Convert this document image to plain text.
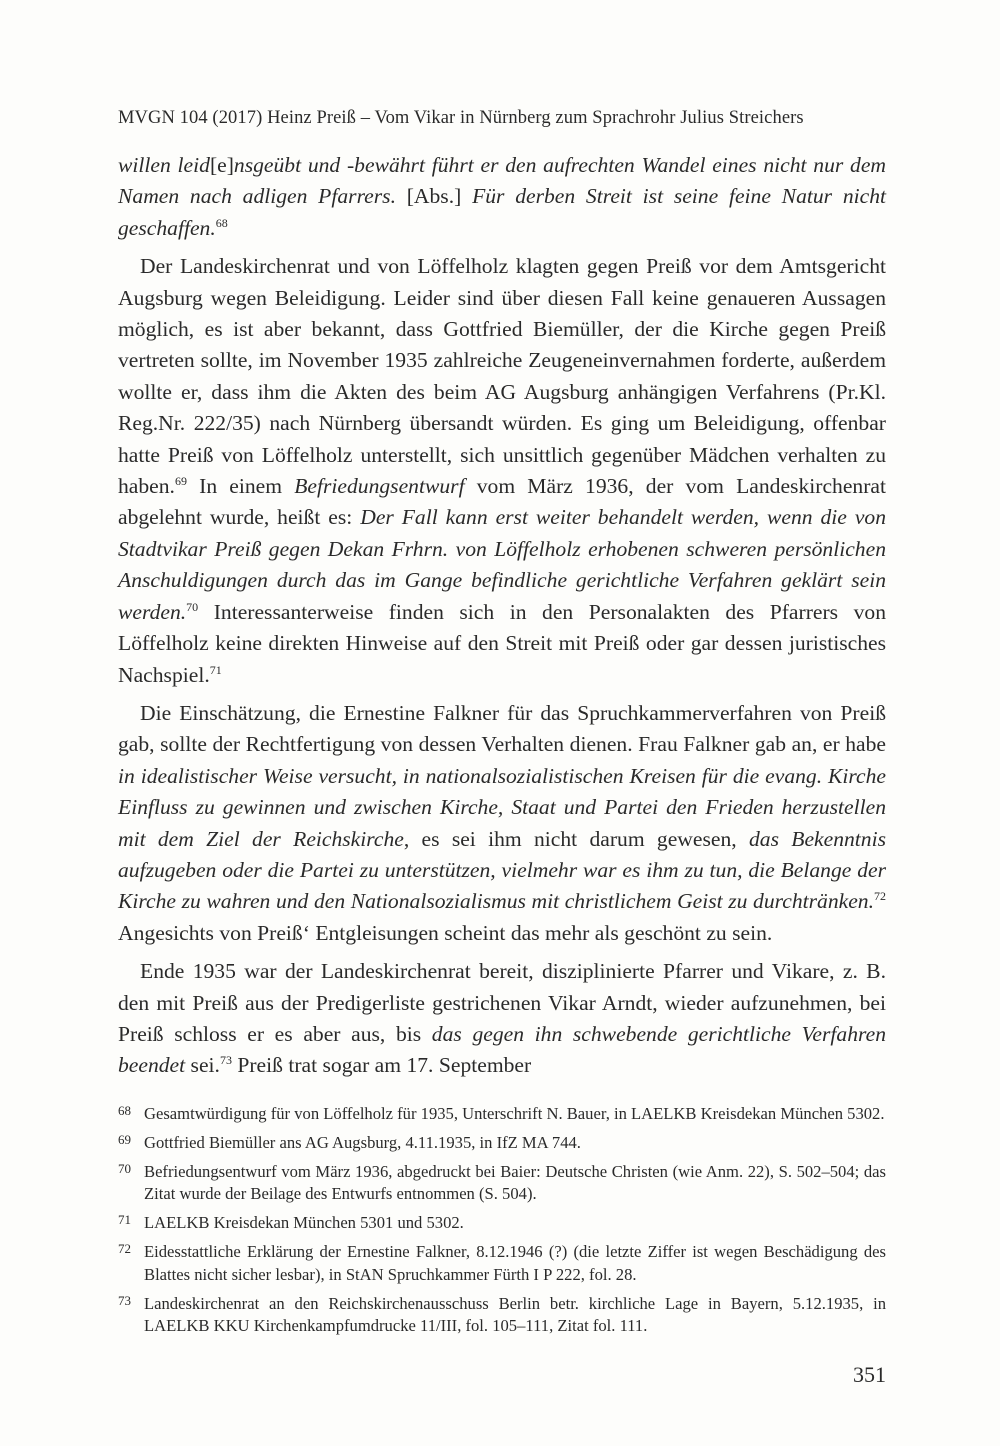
MVGN 104 (2017) Heinz Preiß – Vom Vikar in Nürnberg zum Sprachrohr Julius Streichers

willen leid[e]nsgeübt und -bewährt führt er den aufrechten Wandel eines nicht nur dem Namen nach adligen Pfarrers. [Abs.] Für derben Streit ist seine feine Natur nicht geschaffen.$^{68}$

Der Landeskirchenrat und von Löffelholz klagten gegen Preiß vor dem Amtsgericht Augsburg wegen Beleidigung. Leider sind über diesen Fall keine genaueren Aussagen möglich, es ist aber bekannt, dass Gottfried Biemüller, der die Kirche gegen Preiß vertreten sollte, im November 1935 zahlreiche Zeugeneinvernahmen forderte, außerdem wollte er, dass ihm die Akten des beim AG Augsburg anhängigen Verfahrens (Pr.Kl. Reg.Nr. 222/35) nach Nürnberg übersandt würden. Es ging um Beleidigung, offenbar hatte Preiß von Löffelholz unterstellt, sich unsittlich gegenüber Mädchen verhalten zu haben.$^{69}$ In einem Befriedungsentwurf vom März 1936, der vom Landeskirchenrat abgelehnt wurde, heißt es: Der Fall kann erst weiter behandelt werden, wenn die von Stadtvikar Preiß gegen Dekan Frhrn. von Löffelholz erhobenen schweren persönlichen Anschuldigungen durch das im Gange befindliche gerichtliche Verfahren geklärt sein werden.$^{70}$ Interessanterweise finden sich in den Personalakten des Pfarrers von Löffelholz keine direkten Hinweise auf den Streit mit Preiß oder gar dessen juristisches Nachspiel.$^{71}$

Die Einschätzung, die Ernestine Falkner für das Spruchkammerverfahren von Preiß gab, sollte der Rechtfertigung von dessen Verhalten dienen. Frau Falkner gab an, er habe in idealistischer Weise versucht, in nationalsozialistischen Kreisen für die evang. Kirche Einfluss zu gewinnen und zwischen Kirche, Staat und Partei den Frieden herzustellen mit dem Ziel der Reichskirche, es sei ihm nicht darum gewesen, das Bekenntnis aufzugeben oder die Partei zu unterstützen, vielmehr war es ihm zu tun, die Belange der Kirche zu wahren und den Nationalsozialismus mit christlichem Geist zu durchtränken.$^{72}$ Angesichts von Preiß‘ Entgleisungen scheint das mehr als geschönt zu sein.

Ende 1935 war der Landeskirchenrat bereit, disziplinierte Pfarrer und Vikare, z. B. den mit Preiß aus der Predigerliste gestrichenen Vikar Arndt, wieder aufzunehmen, bei Preiß schloss er es aber aus, bis das gegen ihn schwebende gerichtliche Verfahren beendet sei.$^{73}$ Preiß trat sogar am 17. September

68 Gesamtwürdigung für von Löffelholz für 1935, Unterschrift N. Bauer, in LAELKB Kreisdekan München 5302.
69 Gottfried Biemüller ans AG Augsburg, 4.11.1935, in IfZ MA 744.
70 Befriedungsentwurf vom März 1936, abgedruckt bei Baier: Deutsche Christen (wie Anm. 22), S. 502–504; das Zitat wurde der Beilage des Entwurfs entnommen (S. 504).
71 LAELKB Kreisdekan München 5301 und 5302.
72 Eidesstattliche Erklärung der Ernestine Falkner, 8.12.1946 (?) (die letzte Ziffer ist wegen Beschädigung des Blattes nicht sicher lesbar), in StAN Spruchkammer Fürth I P 222, fol. 28.
73 Landeskirchenrat an den Reichskirchenausschuss Berlin betr. kirchliche Lage in Bayern, 5.12.1935, in LAELKB KKU Kirchenkampfumdrucke 11/III, fol. 105–111, Zitat fol. 111.
351
